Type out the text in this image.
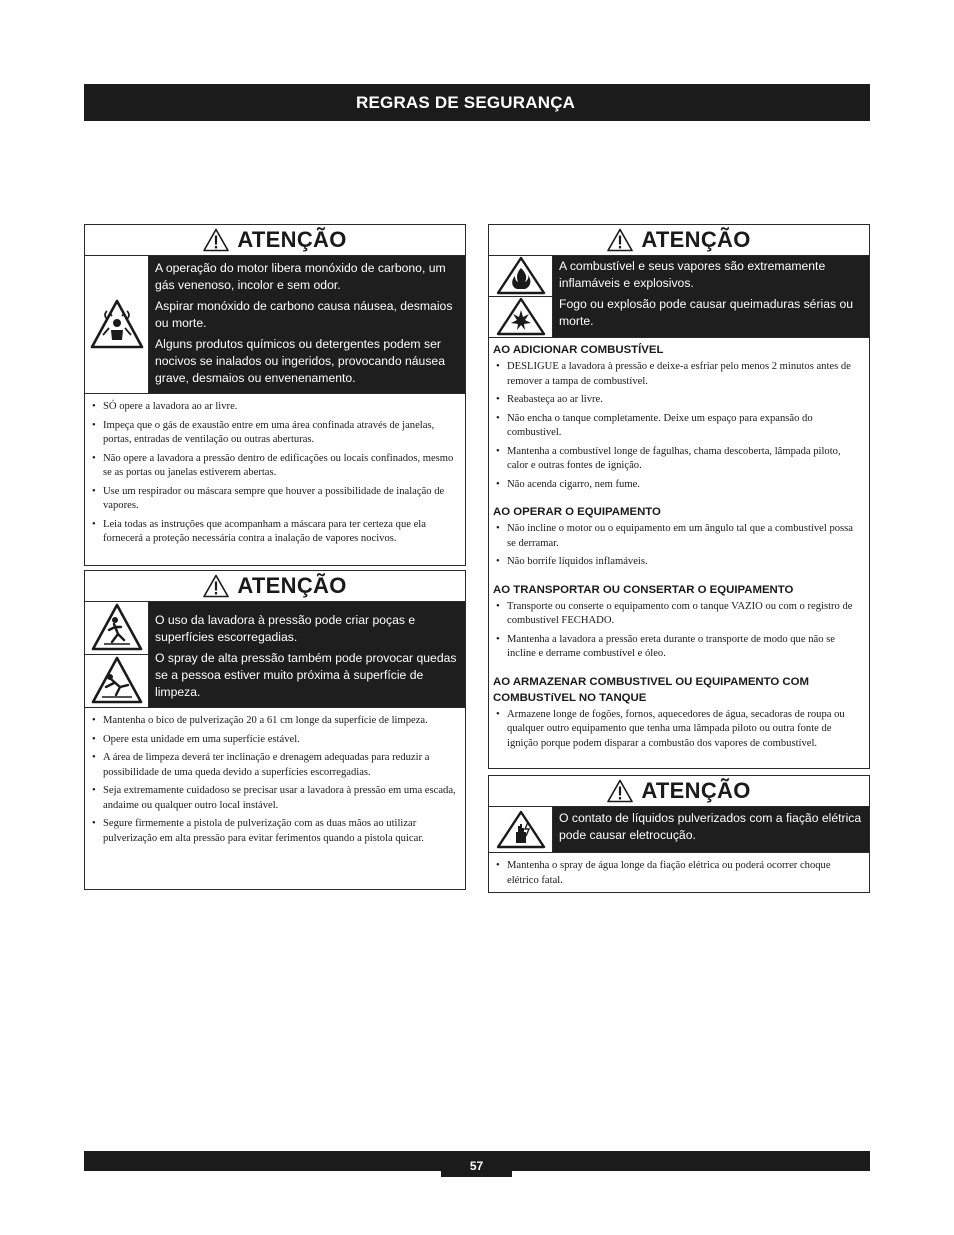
REGRAS DE SEGURANÇA
ATENÇÃO

A operação do motor libera monóxido de carbono, um gás venenoso, incolor e sem odor.

Aspirar monóxido de carbono causa náusea, desmaios ou morte.

Alguns produtos químicos ou detergentes podem ser nocivos se inalados ou ingeridos, provocando náusea grave, desmaios ou envenenamento.

• SÓ opere a lavadora ao ar livre.
• Impeça que o gás de exaustão entre em uma área confinada através de janelas, portas, entradas de ventilação ou outras aberturas.
• Não opere a lavadora a pressão dentro de edificações ou locais confinados, mesmo se as portas ou janelas estiverem abertas.
• Use um respirador ou máscara sempre que houver a possibilidade de inalação de vapores.
• Leia todas as instruções que acompanham a máscara para ter certeza que ela fornecerá a proteção necessária contra a inalação de vapores nocivos.
ATENÇÃO

O uso da lavadora à pressão pode criar poças e superfícies escorregadias.

O spray de alta pressão também pode provocar quedas se a pessoa estiver muito próxima à superfície de limpeza.

• Mantenha o bico de pulverização 20 a 61 cm longe da superfície de limpeza.
• Opere esta unidade em uma superfície estável.
• A área de limpeza deverá ter inclinação e drenagem adequadas para reduzir a possibilidade de uma queda devido a superfícies escorregadias.
• Seja extremamente cuidadoso se precisar usar a lavadora à pressão em uma escada, andaime ou qualquer outro local instável.
• Segure firmemente a pistola de pulverização com as duas mãos ao utilizar pulverização em alta pressão para evitar ferimentos quando a pistola quicar.
ATENÇÃO

A combustível e seus vapores são extremamente inflamáveis e explosivos.

Fogo ou explosão pode causar queimaduras sérias ou morte.

AO ADICIONAR COMBUSTÍVEL
• DESLIGUE a lavadora à pressão e deixe-a esfriar pelo menos 2 minutos antes de remover a tampa de combustível.
• Reabasteça ao ar livre.
• Não encha o tanque completamente. Deixe um espaço para expansão do combustível.
• Mantenha a combustível longe de fagulhas, chama descoberta, lâmpada piloto, calor e outras fontes de ignição.
• Não acenda cigarro, nem fume.
AO OPERAR O EQUIPAMENTO
• Não incline o motor ou o equipamento em um ângulo tal que a combustível possa se derramar.
• Não borrife líquidos inflamáveis.
AO TRANSPORTAR OU CONSERTAR O EQUIPAMENTO
• Transporte ou conserte o equipamento com o tanque VAZIO ou com o registro de combustível FECHADO.
• Mantenha a lavadora a pressão ereta durante o transporte de modo que não se incline e derrame combustível e óleo.
AO ARMAZENAR COMBUSTIVEL OU EQUIPAMENTO COM COMBUSTíVEL NO TANQUE
• Armazene longe de fogões, fornos, aquecedores de água, secadoras de roupa ou qualquer outro equipamento que tenha uma lâmpada piloto ou outra fonte de ignição porque podem disparar a combustão dos vapores de combustível.
ATENÇÃO

O contato de líquidos pulverizados com a fiação elétrica pode causar eletrocução.

• Mantenha o spray de água longe da fiação elétrica ou poderá ocorrer choque elétrico fatal.
57
